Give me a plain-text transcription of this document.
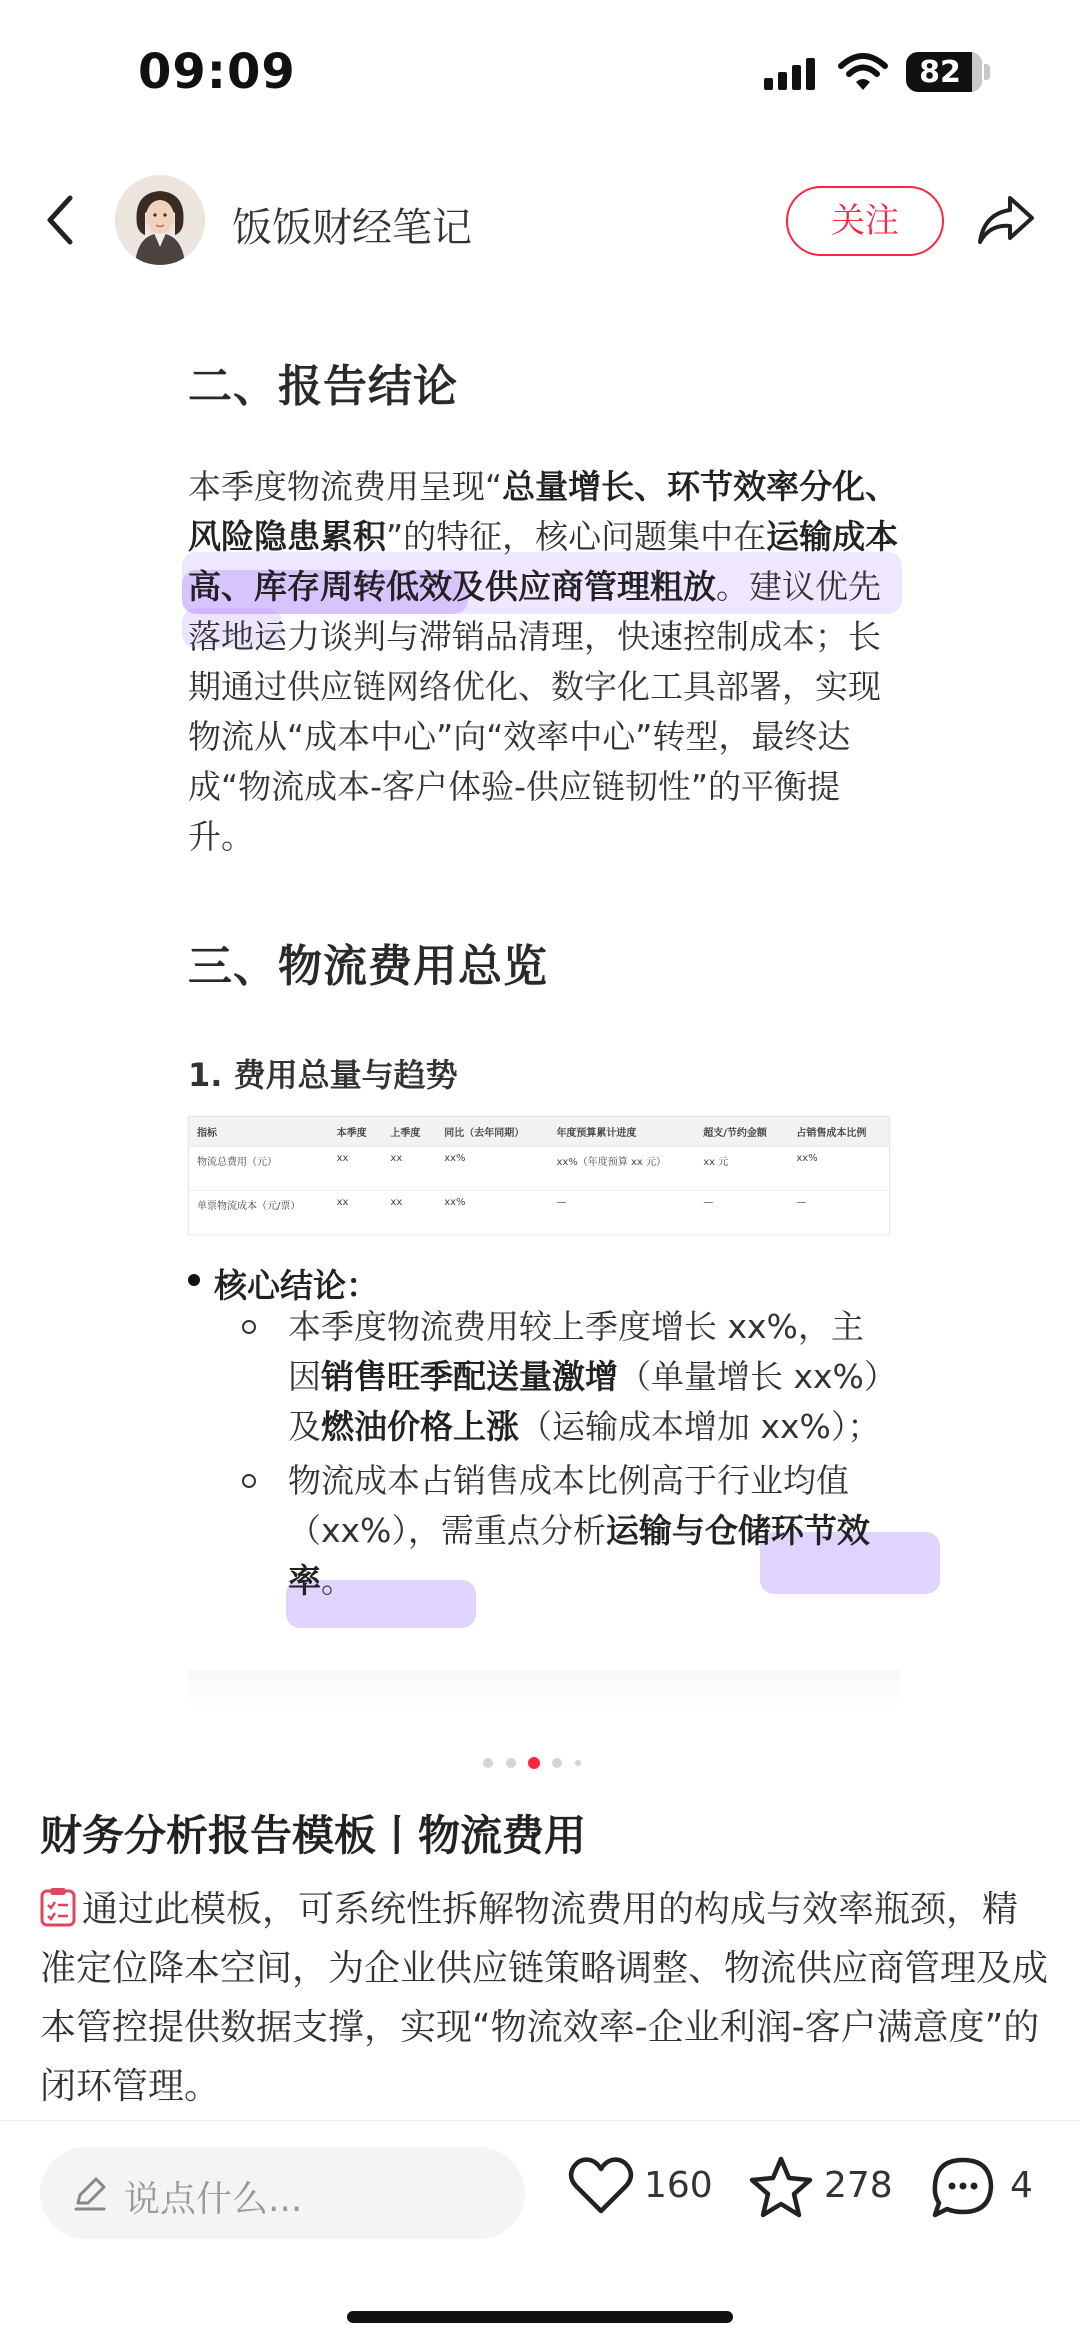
09:09	82
饭饭财经笔记	关注
二、报告结论
本季度物流费用呈现“总量增长、环节效率分化、风险隐患累积”的特征，核心问题集中在运输成本高、库存周转低效及供应商管理粗放。建议优先落地运力谈判与滞销品清理，快速控制成本；长期通过供应链网络优化、数字化工具部署，实现物流从“成本中心”向“效率中心”转型，最终达成“物流成本-客户体验-供应链韧性”的平衡提升。
三、物流费用总览
1. 费用总量与趋势
指标	本季度	上季度	同比（去年同期）	年度预算累计进度	超支/节约金额	占销售成本比例
物流总费用（元）	xx	xx	xx%	xx%（年度预算 xx 元）	xx 元	xx%
单票物流成本（元/票）	xx	xx	xx%	—	—	—
核心结论：
本季度物流费用较上季度增长 xx%，主因销售旺季配送量激增（单量增长 xx%）及燃油价格上涨（运输成本增加 xx%）；
物流成本占销售成本比例高于行业均值（xx%），需重点分析运输与仓储环节效率。
财务分析报告模板丨物流费用
通过此模板，可系统性拆解物流费用的构成与效率瓶颈，精准定位降本空间，为企业供应链策略调整、物流供应商管理及成本管控提供数据支撑，实现“物流效率-企业利润-客户满意度”的闭环管理。
说点什么...	160	278	4
